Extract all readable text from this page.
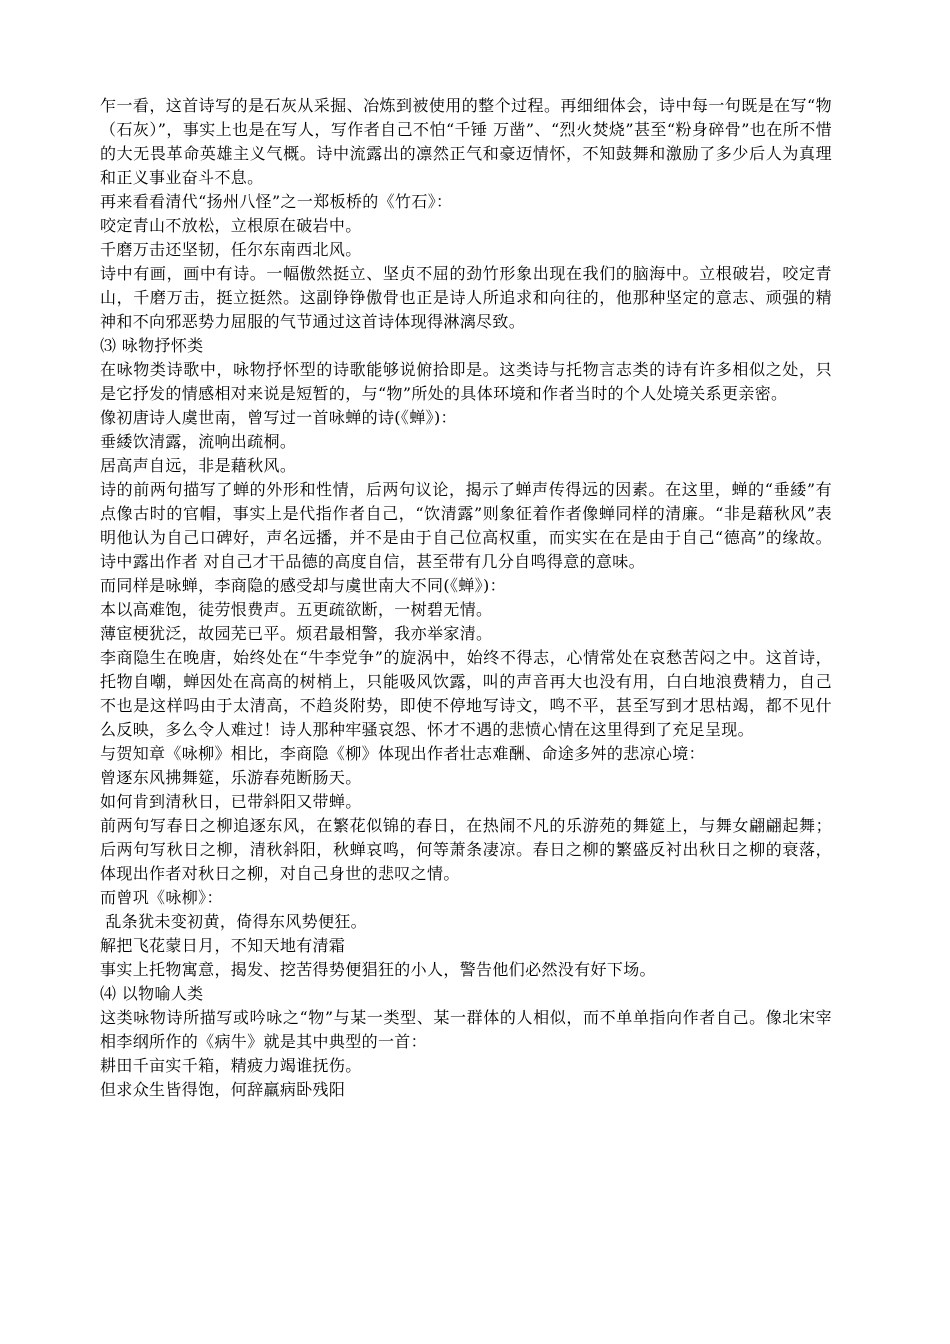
乍一看，这首诗写的是石灰从采掘、冶炼到被使用的整个过程。再细细体会，诗中每一句既是在写“物（石灰）”，事实上也是在写人，写作者自己不怕“千锤 万凿”、“烈火焚烧”甚至“粉身碎骨”也在所不惜的大无畏革命英雄主义气概。诗中流露出的凛然正气和豪迈情怀，不知鼓舞和激励了多少后人为真理和正义事业奋斗不息。

再来看看清代“扬州八怪”之一郑板桥的《竹石》：

咬定青山不放松，立根原在破岩中。

千磨万击还坚韧，任尔东南西北风。

诗中有画，画中有诗。一幅傲然挺立、坚贞不屈的劲竹形象出现在我们的脑海中。立根破岩，咬定青山，千磨万击，挺立挺然。这副铮铮傲骨也正是诗人所追求和向往的，他那种坚定的意志、顽强的精神和不向邪恶势力屈服的气节通过这首诗体现得淋漓尽致。

⑶ 咏物抒怀类

在咏物类诗歌中，咏物抒怀型的诗歌能够说俯拾即是。这类诗与托物言志类的诗有许多相似之处，只是它抒发的情感相对来说是短暂的，与“物”所处的具体环境和作者当时的个人处境关系更亲密。

像初唐诗人虞世南，曾写过一首咏蝉的诗(《蝉》)：

垂緌饮清露，流响出疏桐。

居高声自远，非是藉秋风。

诗的前两句描写了蝉的外形和性情，后两句议论，揭示了蝉声传得远的因素。在这里，蝉的“垂緌”有点像古时的官帽，事实上是代指作者自己，“饮清露”则象征着作者像蝉同样的清廉。“非是藉秋风”表明他认为自己口碑好，声名远播，并不是由于自己位高权重，而实实在在是由于自己“德高”的缘故。诗中露出作者 对自己才干品德的高度自信，甚至带有几分自鸣得意的意味。

而同样是咏蝉，李商隐的感受却与虞世南大不同(《蝉》)：

本以高难饱，徒劳恨费声。五更疏欲断，一树碧无情。

薄宦梗犹泛，故园芜已平。烦君最相警，我亦举家清。

李商隐生在晚唐，始终处在“牛李党争”的旋涡中，始终不得志，心情常处在哀愁苦闷之中。这首诗，托物自嘲，蝉因处在高高的树梢上，只能吸风饮露，叫的声音再大也没有用，白白地浪费精力，自己不也是这样吗由于太清高，不趋炎附势，即使不停地写诗文，鸣不平，甚至写到才思枯竭，都不见什么反映，多么令人难过！诗人那种牢骚哀怨、怀才不遇的悲愤心情在这里得到了充足呈现。

与贺知章《咏柳》相比，李商隐《柳》体现出作者壮志难酬、命途多舛的悲凉心境：

曾逐东风拂舞筵，乐游春苑断肠天。

如何肯到清秋日，已带斜阳又带蝉。

前两句写春日之柳追逐东风，在繁花似锦的春日，在热闹不凡的乐游苑的舞筵上，与舞女翩翩起舞；后两句写秋日之柳，清秋斜阳，秋蝉哀鸣，何等萧条凄凉。春日之柳的繁盛反衬出秋日之柳的衰落，体现出作者对秋日之柳，对自己身世的悲叹之情。

而曾巩《咏柳》：

乱条犹未变初黄，倚得东风势便狂。

解把飞花蒙日月，不知天地有清霜

事实上托物寓意，揭发、挖苦得势便猖狂的小人，警告他们必然没有好下场。

⑷ 以物喻人类

这类咏物诗所描写或吟咏之“物”与某一类型、某一群体的人相似，而不单单指向作者自己。像北宋宰相李纲所作的《病牛》就是其中典型的一首：

耕田千亩实千箱，精疲力竭谁抚伤。

但求众生皆得饱，何辞羸病卧残阳
